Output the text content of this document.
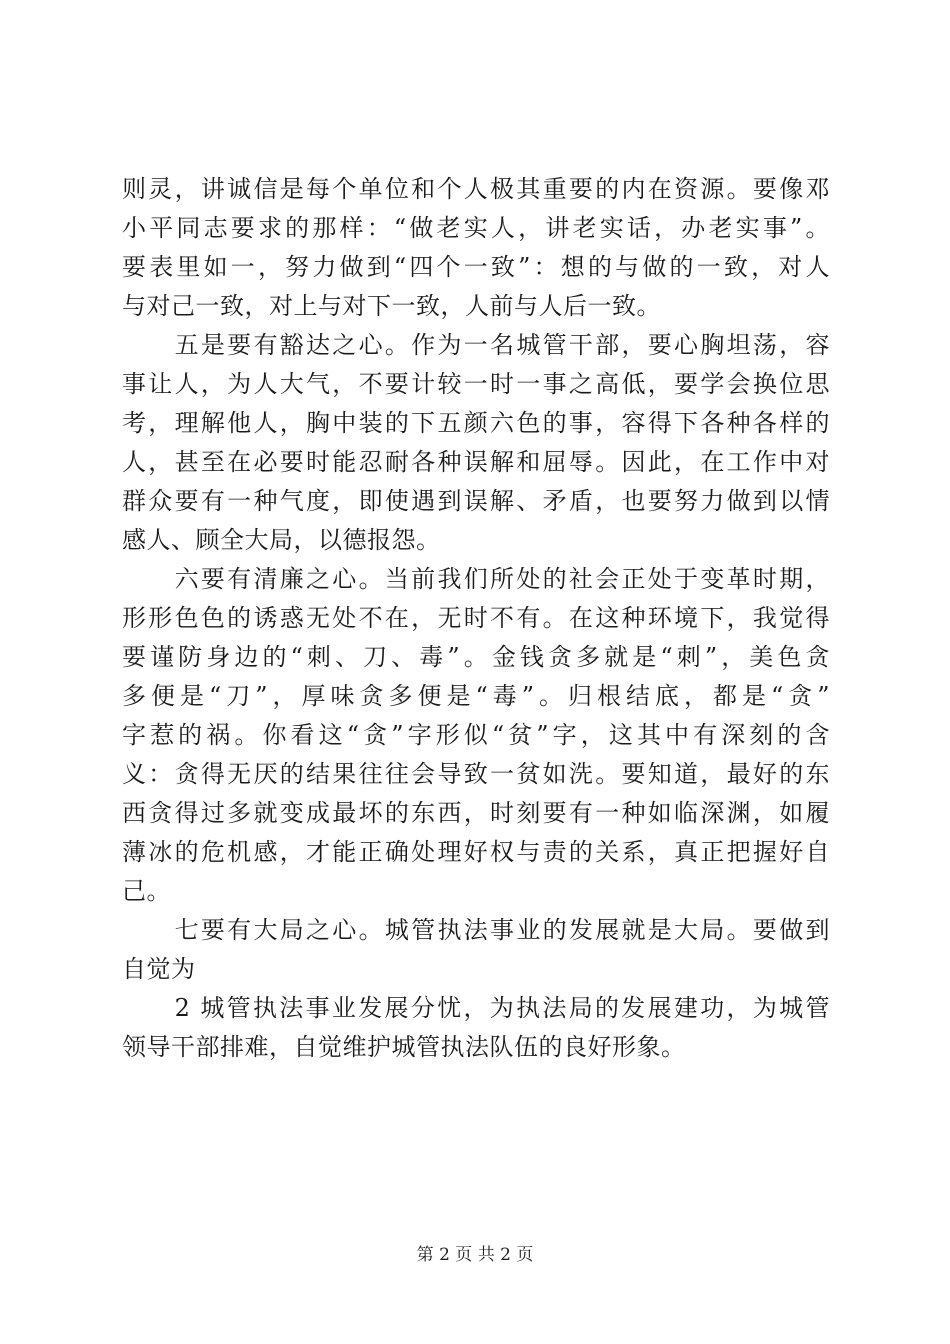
则灵，讲诚信是每个单位和个人极其重要的内在资源。要像邓
小平同志要求的那样：“做老实人，讲老实话，办老实事”。
要表里如一，努力做到“四个一致”：想的与做的一致，对人
与对己一致，对上与对下一致，人前与人后一致。
　　五是要有豁达之心。作为一名城管干部，要心胸坦荡，容
事让人，为人大气，不要计较一时一事之高低，要学会换位思
考，理解他人，胸中装的下五颜六色的事，容得下各种各样的
人，甚至在必要时能忍耐各种误解和屈辱。因此，在工作中对
群众要有一种气度，即使遇到误解、矛盾，也要努力做到以情
感人、顾全大局，以德报怨。
　　六要有清廉之心。当前我们所处的社会正处于变革时期，
形形色色的诱惑无处不在，无时不有。在这种环境下，我觉得
要谨防身边的“刺、刀、毒”。金钱贪多就是“刺”，美色贪
多便是“刀”，厚味贪多便是“毒”。归根结底，都是“贪”
字惹的祸。你看这“贪”字形似“贫”字，这其中有深刻的含
义：贪得无厌的结果往往会导致一贫如洗。要知道，最好的东
西贪得过多就变成最坏的东西，时刻要有一种如临深渊，如履
薄冰的危机感，才能正确处理好权与责的关系，真正把握好自
己。
　　七要有大局之心。城管执法事业的发展就是大局。要做到
自觉为
　　2 城管执法事业发展分忧，为执法局的发展建功，为城管
领导干部排难，自觉维护城管执法队伍的良好形象。
第 2 页 共 2 页
